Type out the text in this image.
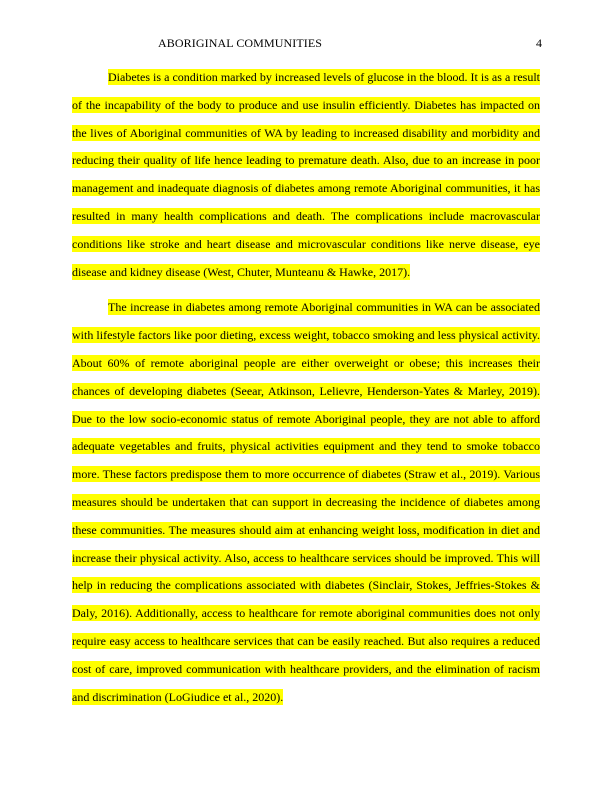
ABORIGINAL COMMUNITIES	4

Diabetes is a condition marked by increased levels of glucose in the blood. It is as a result of the incapability of the body to produce and use insulin efficiently. Diabetes has impacted on the lives of Aboriginal communities of WA by leading to increased disability and morbidity and reducing their quality of life hence leading to premature death. Also, due to an increase in poor management and inadequate diagnosis of diabetes among remote Aboriginal communities, it has resulted in many health complications and death. The complications include macrovascular conditions like stroke and heart disease and microvascular conditions like nerve disease, eye disease and kidney disease (West, Chuter, Munteanu & Hawke, 2017).

The increase in diabetes among remote Aboriginal communities in WA can be associated with lifestyle factors like poor dieting, excess weight, tobacco smoking and less physical activity. About 60% of remote aboriginal people are either overweight or obese; this increases their chances of developing diabetes (Seear, Atkinson, Lelievre, Henderson-Yates & Marley, 2019). Due to the low socio-economic status of remote Aboriginal people, they are not able to afford adequate vegetables and fruits, physical activities equipment and they tend to smoke tobacco more. These factors predispose them to more occurrence of diabetes (Straw et al., 2019). Various measures should be undertaken that can support in decreasing the incidence of diabetes among these communities. The measures should aim at enhancing weight loss, modification in diet and increase their physical activity. Also, access to healthcare services should be improved. This will help in reducing the complications associated with diabetes (Sinclair, Stokes, Jeffries-Stokes & Daly, 2016). Additionally, access to healthcare for remote aboriginal communities does not only require easy access to healthcare services that can be easily reached. But also requires a reduced cost of care, improved communication with healthcare providers, and the elimination of racism and discrimination (LoGiudice et al., 2020).
